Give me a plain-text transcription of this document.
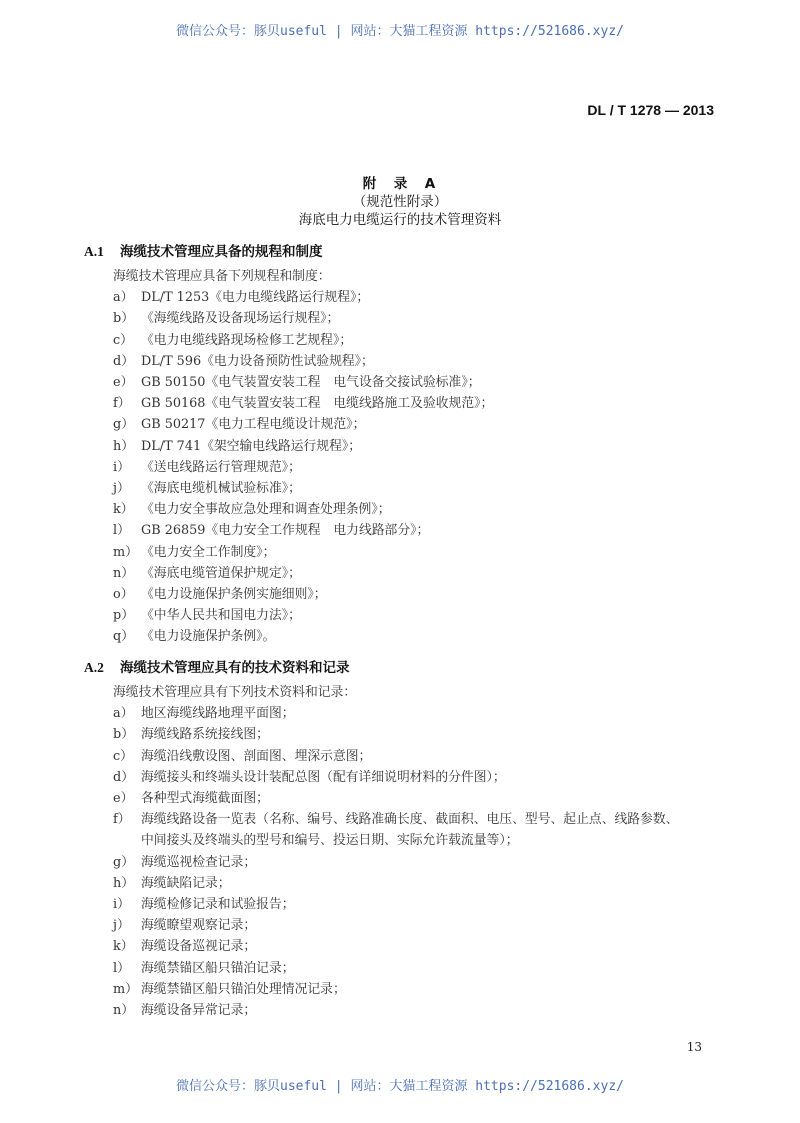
微信公众号：豚贝useful | 网站：大猫工程资源 https://521686.xyz/
DL / T 1278 — 2013
附　录　A
（规范性附录）
海底电力电缆运行的技术管理资料
A.1 海缆技术管理应具备的规程和制度
海缆技术管理应具备下列规程和制度：
a） DL/T 1253《电力电缆线路运行规程》；
b） 《海缆线路及设备现场运行规程》；
c） 《电力电缆线路现场检修工艺规程》；
d） DL/T 596《电力设备预防性试验规程》；
e） GB 50150《电气装置安装工程　电气设备交接试验标准》；
f） GB 50168《电气装置安装工程　电缆线路施工及验收规范》；
g） GB 50217《电力工程电缆设计规范》；
h） DL/T 741《架空输电线路运行规程》；
i） 《送电线路运行管理规范》；
j） 《海底电缆机械试验标准》；
k） 《电力安全事故应急处理和调查处理条例》；
l） GB 26859《电力安全工作规程　电力线路部分》；
m） 《电力安全工作制度》；
n） 《海底电缆管道保护规定》；
o） 《电力设施保护条例实施细则》；
p） 《中华人民共和国电力法》；
q） 《电力设施保护条例》。
A.2 海缆技术管理应具有的技术资料和记录
海缆技术管理应具有下列技术资料和记录：
a） 地区海缆线路地理平面图；
b） 海缆线路系统接线图；
c） 海缆沿线敷设图、剖面图、埋深示意图；
d） 海缆接头和终端头设计装配总图（配有详细说明材料的分件图）；
e） 各种型式海缆截面图；
f） 海缆线路设备一览表（名称、编号、线路准确长度、截面积、电压、型号、起止点、线路参数、
中间接头及终端头的型号和编号、投运日期、实际允许载流量等）；
g） 海缆巡视检查记录；
h） 海缆缺陷记录；
i） 海缆检修记录和试验报告；
j） 海缆瞭望观察记录；
k） 海缆设备巡视记录；
l） 海缆禁锚区船只锚泊记录；
m） 海缆禁锚区船只锚泊处理情况记录；
n） 海缆设备异常记录；
13
微信公众号：豚贝useful | 网站：大猫工程资源 https://521686.xyz/
